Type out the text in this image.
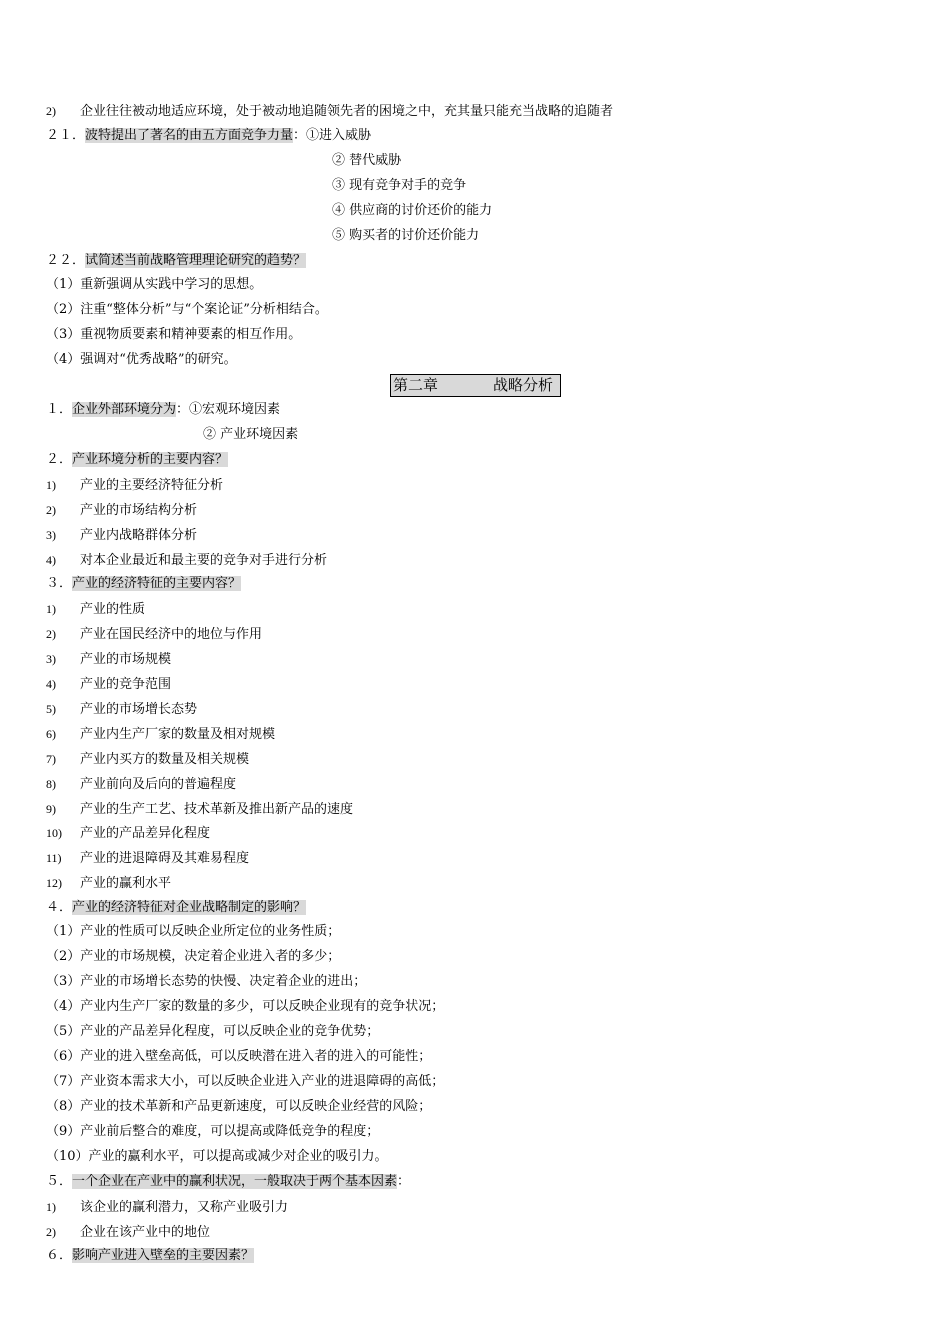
2) 企业往往被动地适应环境，处于被动地追随领先者的困境之中，充其量只能充当战略的追随者
２１．波特提出了著名的由五方面竞争力量：①进入威胁
② 替代威胁
③ 现有竞争对手的竞争
④ 供应商的讨价还价的能力
⑤ 购买者的讨价还价能力
２２．试简述当前战略管理理论研究的趋势？
（1）重新强调从实践中学习的思想。
（2）注重“整体分析”与“个案论证”分析相结合。
（3）重视物质要素和精神要素的相互作用。
（4）强调对“优秀战略”的研究。
第二章	战略分析
１．企业外部环境分为：①宏观环境因素
② 产业环境因素
２．产业环境分析的主要内容？
1) 产业的主要经济特征分析
2) 产业的市场结构分析
3) 产业内战略群体分析
4) 对本企业最近和最主要的竞争对手进行分析
３．产业的经济特征的主要内容？
1) 产业的性质
2) 产业在国民经济中的地位与作用
3) 产业的市场规模
4) 产业的竞争范围
5) 产业的市场增长态势
6) 产业内生产厂家的数量及相对规模
7) 产业内买方的数量及相关规模
8) 产业前向及后向的普遍程度
9) 产业的生产工艺、技术革新及推出新产品的速度
10) 产业的产品差异化程度
11) 产业的进退障碍及其难易程度
12) 产业的赢利水平
４．产业的经济特征对企业战略制定的影响？
（1）产业的性质可以反映企业所定位的业务性质；
（2）产业的市场规模，决定着企业进入者的多少；
（3）产业的市场增长态势的快慢、决定着企业的进出；
（4）产业内生产厂家的数量的多少，可以反映企业现有的竞争状况；
（5）产业的产品差异化程度，可以反映企业的竞争优势；
（6）产业的进入壁垒高低，可以反映潜在进入者的进入的可能性；
（7）产业资本需求大小，可以反映企业进入产业的进退障碍的高低；
（8）产业的技术革新和产品更新速度，可以反映企业经营的风险；
（9）产业前后整合的难度，可以提高或降低竞争的程度；
（10）产业的赢利水平，可以提高或减少对企业的吸引力。
５．一个企业在产业中的赢利状况，一般取决于两个基本因素：
1) 该企业的赢利潜力，又称产业吸引力
2) 企业在该产业中的地位
６．影响产业进入壁垒的主要因素？
